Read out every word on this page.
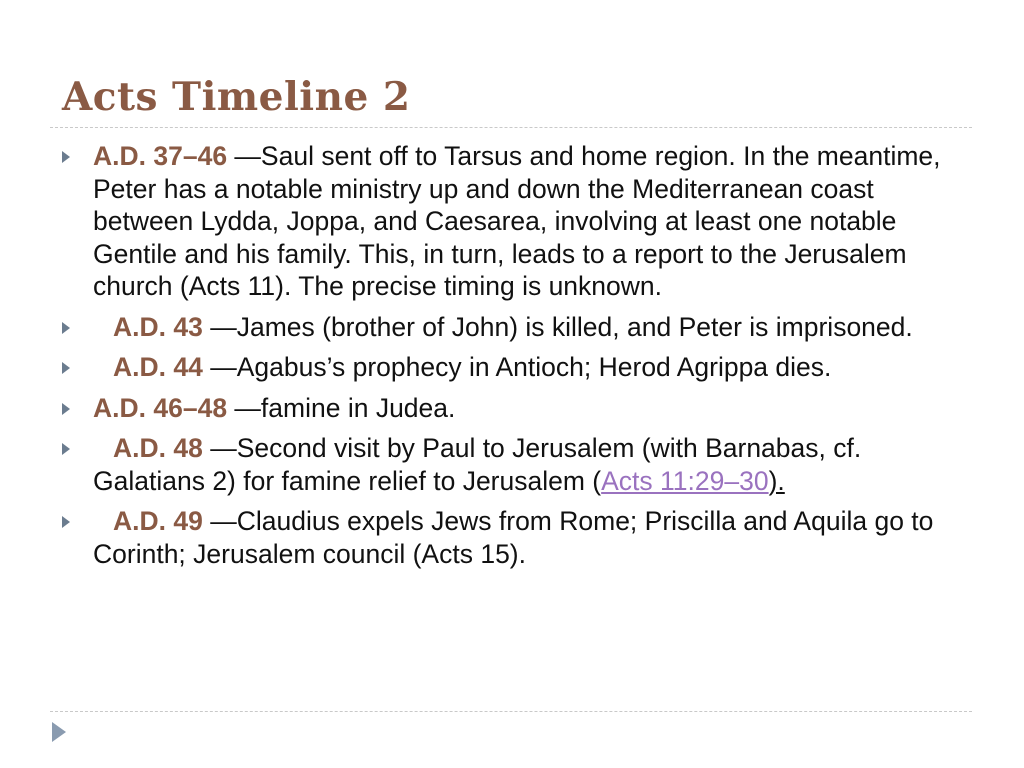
Acts Timeline 2
A.D. 37–46 —Saul sent off to Tarsus and home region. In the meantime, Peter has a notable ministry up and down the Mediterranean coast between Lydda, Joppa, and Caesarea, involving at least one notable Gentile and his family. This, in turn, leads to a report to the Jerusalem church (Acts 11). The precise timing is unknown.
A.D. 43 —James (brother of John) is killed, and Peter is imprisoned.
A.D. 44 —Agabus’s prophecy in Antioch; Herod Agrippa dies.
A.D. 46–48 —famine in Judea.
A.D. 48 —Second visit by Paul to Jerusalem (with Barnabas, cf. Galatians 2) for famine relief to Jerusalem (Acts 11:29–30).
A.D. 49 —Claudius expels Jews from Rome; Priscilla and Aquila go to Corinth; Jerusalem council (Acts 15).
